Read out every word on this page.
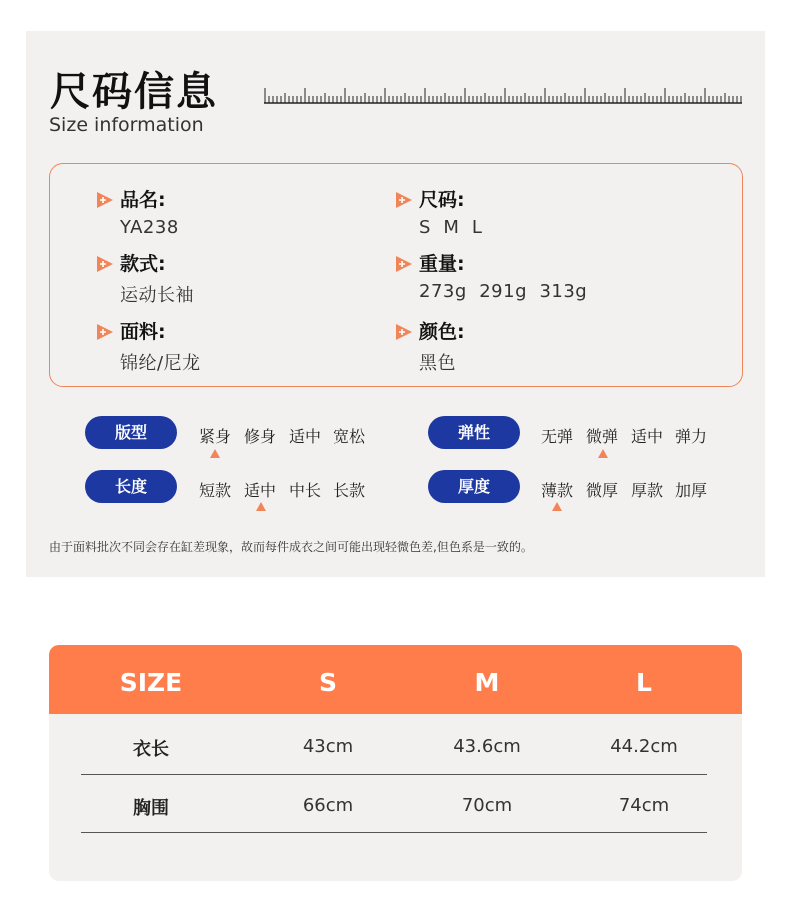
尺码信息
Size information
品名:
YA238
尺码:
S  M  L
款式:
运动长袖
重量:
273g  291g  313g
面料:
锦纶/尼龙
颜色:
黑色
版型	紧身 修身 适中 宽松	弹性	无弹 微弹 适中 弹力
长度	短款 适中 中长 长款	厚度	薄款 微厚 厚款 加厚
由于面料批次不同会存在缸差现象，故而每件成衣之间可能出现轻微色差,但色系是一致的。
SIZE	S	M	L
衣长	43cm	43.6cm	44.2cm
胸围	66cm	70cm	74cm
